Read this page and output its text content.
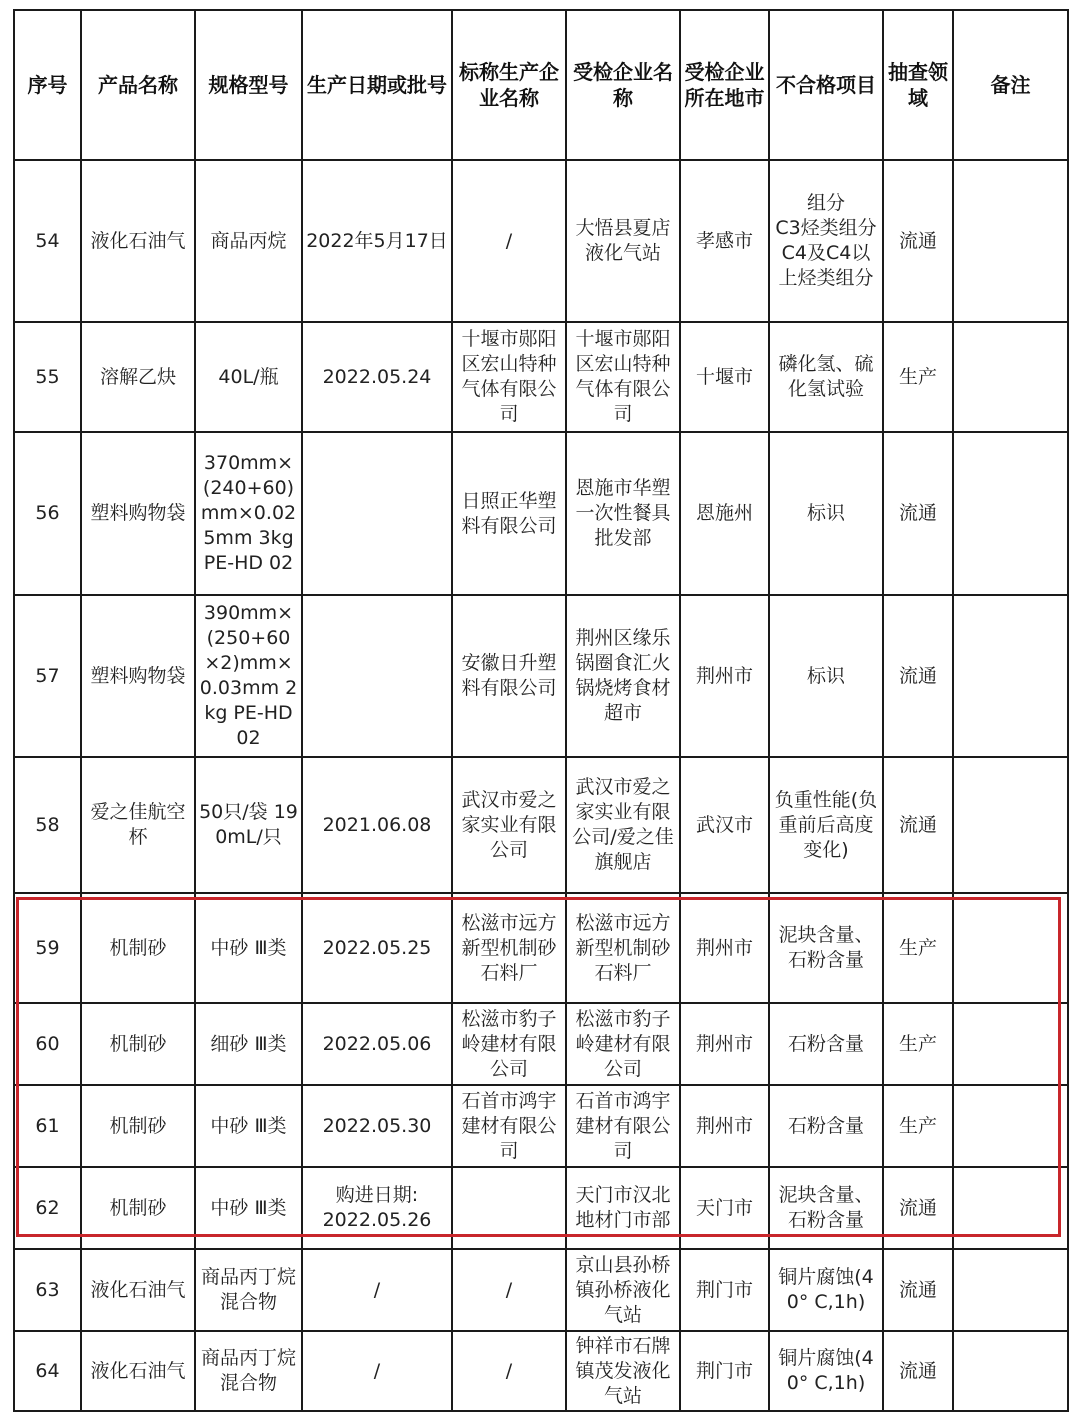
序号	产品名称	规格型号	生产日期或批号	标称生产企业名称	受检企业名称	受检企业所在地市	不合格项目	抽查领域	备注

54	液化石油气	商品丙烷	2022年5月17日	/	大悟县夏店液化气站	孝感市	组分
C3烃类组分
C4及C4以上烃类组分	流通	

55	溶解乙炔	40L/瓶	2022.05.24	十堰市郧阳区宏山特种气体有限公司	十堰市郧阳区宏山特种气体有限公司	十堰市	磷化氢、硫化氢试验	生产	

56	塑料购物袋	370mm×(240+60)mm×0.025mm 3kg PE-HD 02		日照正华塑料有限公司	恩施市华塑一次性餐具批发部	恩施州	标识	流通	

57	塑料购物袋	390mm×(250+60×2)mm×0.03mm 2kg PE-HD 02		安徽日升塑料有限公司	荆州区缘乐锅圈食汇火锅烧烤食材超市	荆州市	标识	流通	

58	爱之佳航空杯	50只/袋 190mL/只	2021.06.08	武汉市爱之家实业有限公司	武汉市爱之家实业有限公司/爱之佳旗舰店	武汉市	负重性能(负重前后高度变化)	流通	

59	机制砂	中砂 Ⅲ类	2022.05.25	松滋市远方新型机制砂石料厂	松滋市远方新型机制砂石料厂	荆州市	泥块含量、石粉含量	生产	

60	机制砂	细砂 Ⅲ类	2022.05.06	松滋市豹子岭建材有限公司	松滋市豹子岭建材有限公司	荆州市	石粉含量	生产	

61	机制砂	中砂 Ⅲ类	2022.05.30	石首市鸿宇建材有限公司	石首市鸿宇建材有限公司	荆州市	石粉含量	生产	

62	机制砂	中砂 Ⅲ类	购进日期:
2022.05.26		天门市汉北地材门市部	天门市	泥块含量、石粉含量	流通	

63	液化石油气	商品丙丁烷混合物	/	/	京山县孙桥镇孙桥液化气站	荆门市	铜片腐蚀(40° C,1h)	流通	

64	液化石油气	商品丙丁烷混合物	/	/	钟祥市石牌镇茂发液化气站	荆门市	铜片腐蚀(40° C,1h)	流通	
